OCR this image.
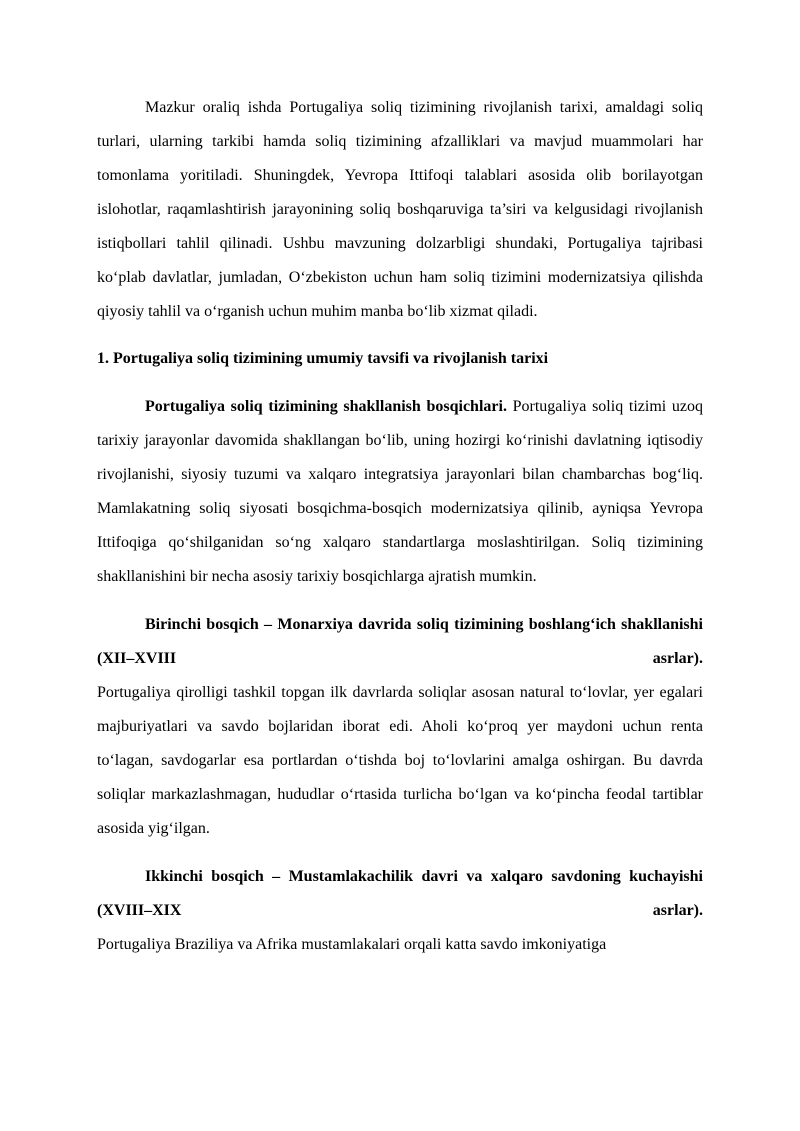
Mazkur oraliq ishda Portugaliya soliq tizimining rivojlanish tarixi, amaldagi soliq turlari, ularning tarkibi hamda soliq tizimining afzalliklari va mavjud muammolari har tomonlama yoritiladi. Shuningdek, Yevropa Ittifoqi talablari asosida olib borilayotgan islohotlar, raqamlashtirish jarayonining soliq boshqaruviga ta’siri va kelgusidagi rivojlanish istiqbollari tahlil qilinadi. Ushbu mavzuning dolzarbligi shundaki, Portugaliya tajribasi ko‘plab davlatlar, jumladan, O‘zbekiston uchun ham soliq tizimini modernizatsiya qilishda qiyosiy tahlil va o‘rganish uchun muhim manba bo‘lib xizmat qiladi.

1. Portugaliya soliq tizimining umumiy tavsifi va rivojlanish tarixi

Portugaliya soliq tizimining shakllanish bosqichlari. Portugaliya soliq tizimi uzoq tarixiy jarayonlar davomida shakllangan bo‘lib, uning hozirgi ko‘rinishi davlatning iqtisodiy rivojlanishi, siyosiy tuzumi va xalqaro integratsiya jarayonlari bilan chambarchas bog‘liq. Mamlakatning soliq siyosati bosqichma-bosqich modernizatsiya qilinib, ayniqsa Yevropa Ittifoqiga qo‘shilganidan so‘ng xalqaro standartlarga moslashtirilgan. Soliq tizimining shakllanishini bir necha asosiy tarixiy bosqichlarga ajratish mumkin.

Birinchi bosqich – Monarxiya davrida soliq tizimining boshlang‘ich shakllanishi (XII–XVIII asrlar).

Portugaliya qirolligi tashkil topgan ilk davrlarda soliqlar asosan natural to‘lovlar, yer egalari majburiyatlari va savdo bojlaridan iborat edi. Aholi ko‘proq yer maydoni uchun renta to‘lagan, savdogarlar esa portlardan o‘tishda boj to‘lovlarini amalga oshirgan. Bu davrda soliqlar markazlashmagan, hududlar o‘rtasida turlicha bo‘lgan va ko‘pincha feodal tartiblar asosida yig‘ilgan.

Ikkinchi bosqich – Mustamlakachilik davri va xalqaro savdoning kuchayishi (XVIII–XIX asrlar).

Portugaliya Braziliya va Afrika mustamlakalari orqali katta savdo imkoniyatiga
